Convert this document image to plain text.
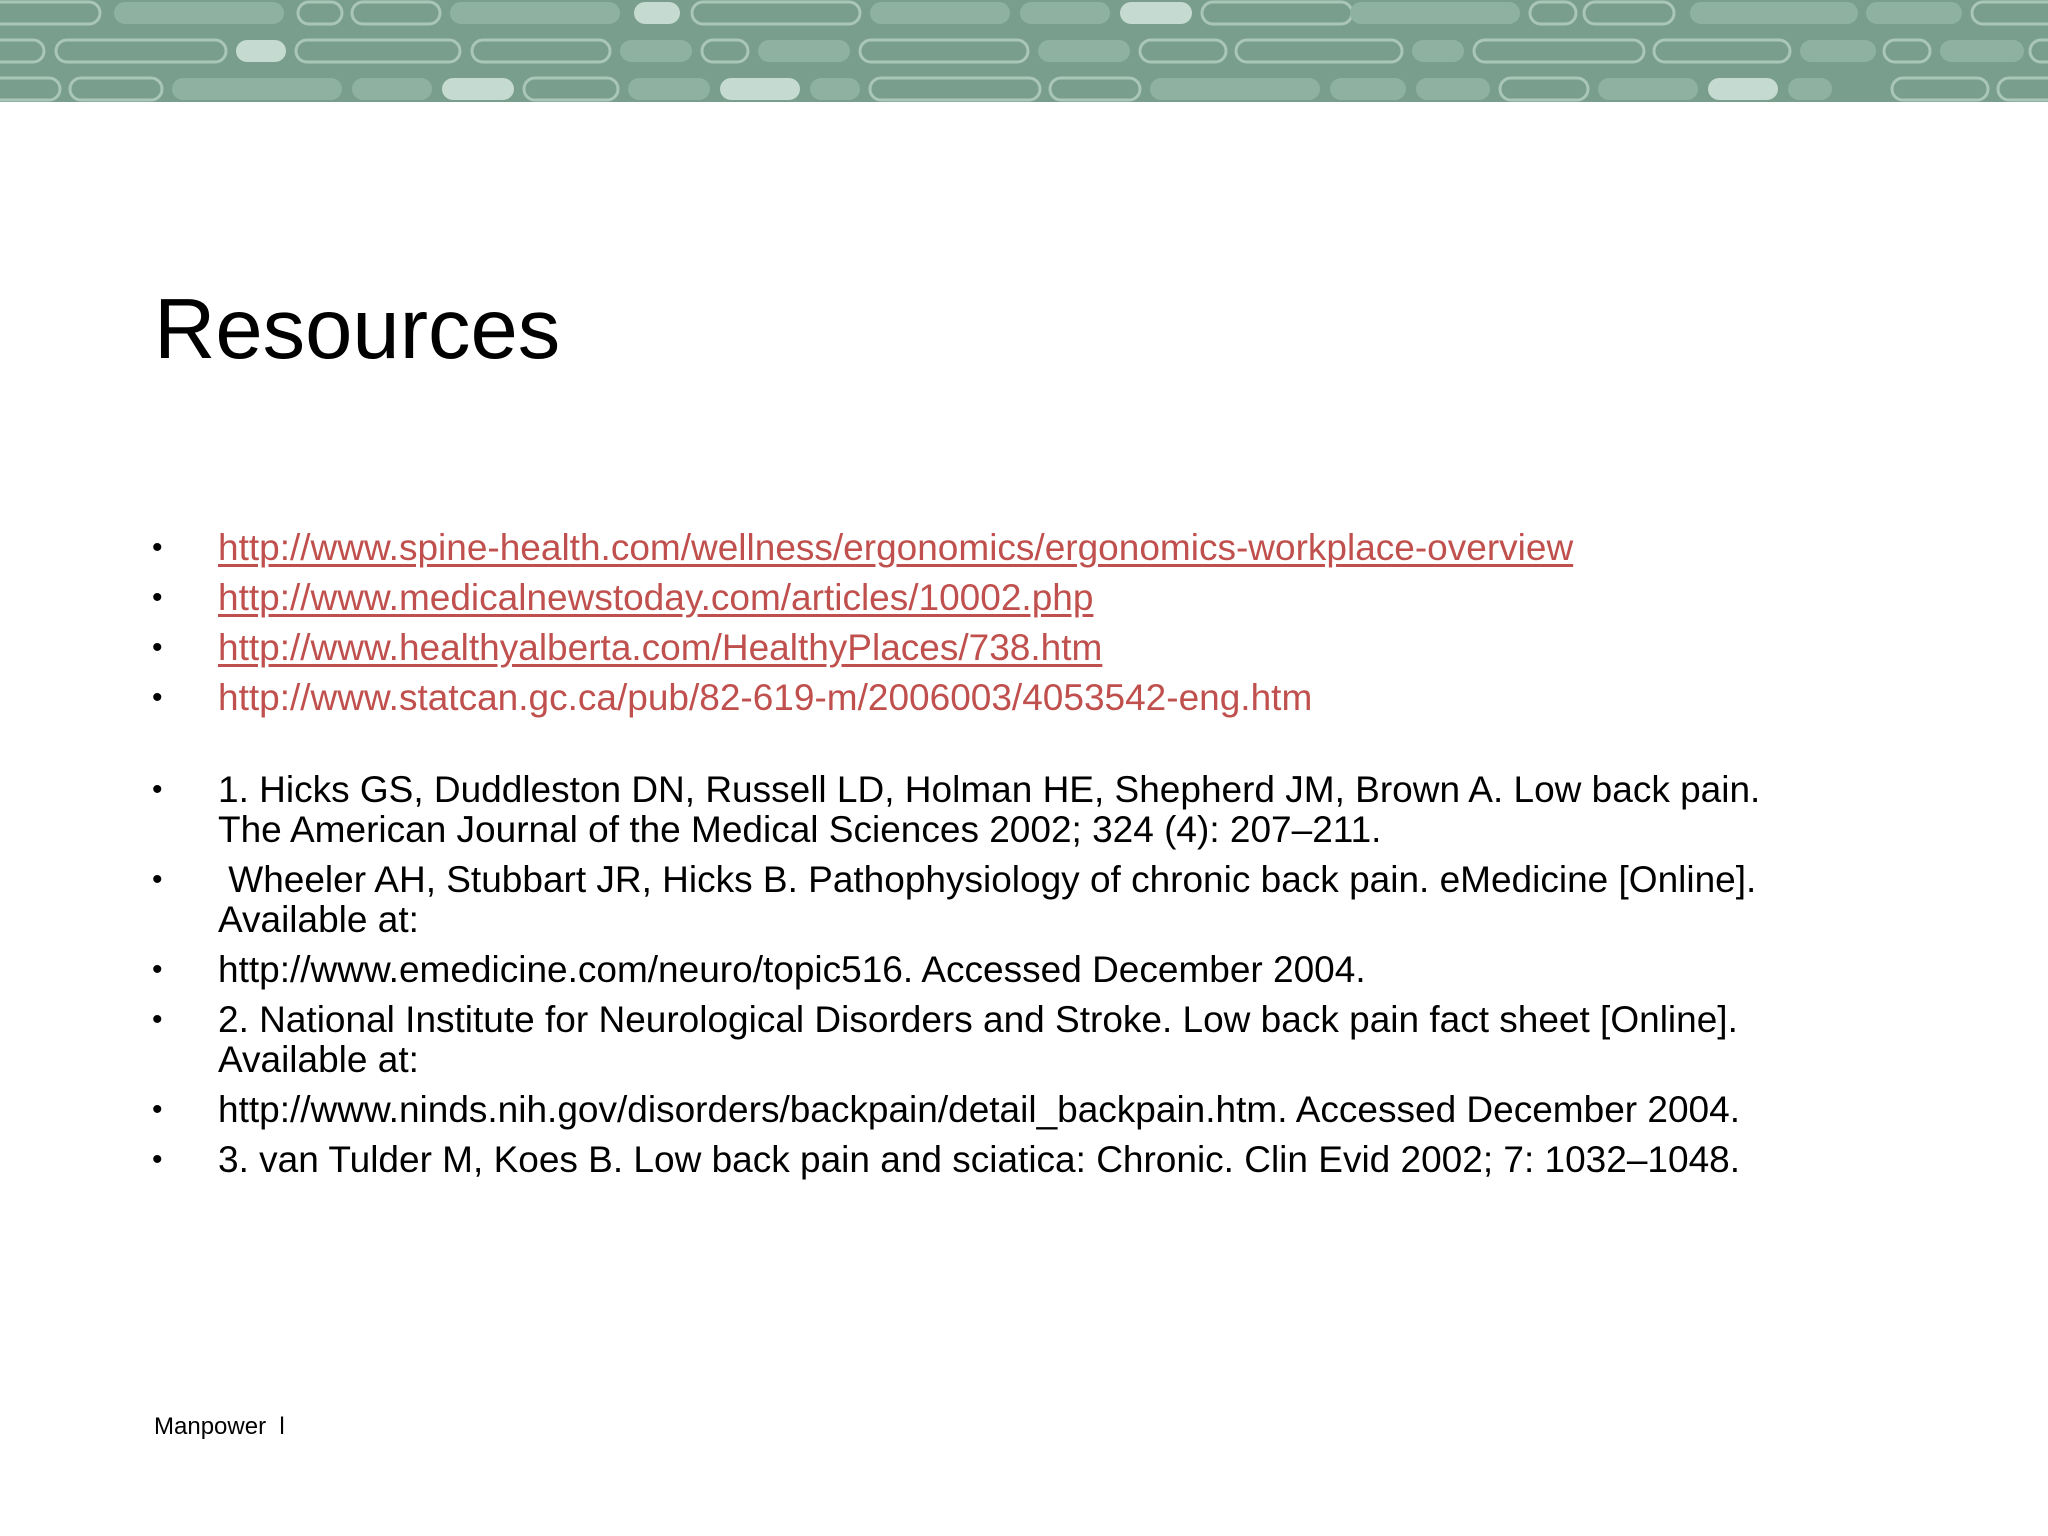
Resources
• http://www.spine-health.com/wellness/ergonomics/ergonomics-workplace-overview
• http://www.medicalnewstoday.com/articles/10002.php
• http://www.healthyalberta.com/HealthyPlaces/738.htm
• http://www.statcan.gc.ca/pub/82-619-m/2006003/4053542-eng.htm
• 1. Hicks GS, Duddleston DN, Russell LD, Holman HE, Shepherd JM, Brown A. Low back pain.
The American Journal of the Medical Sciences 2002; 324 (4): 207–211.
• Wheeler AH, Stubbart JR, Hicks B. Pathophysiology of chronic back pain. eMedicine [Online].
Available at:
• http://www.emedicine.com/neuro/topic516. Accessed December 2004.
• 2. National Institute for Neurological Disorders and Stroke. Low back pain fact sheet [Online].
Available at:
• http://www.ninds.nih.gov/disorders/backpain/detail_backpain.htm. Accessed December 2004.
• 3. van Tulder M, Koes B. Low back pain and sciatica: Chronic. Clin Evid 2002; 7: 1032–1048.
Manpower  l
